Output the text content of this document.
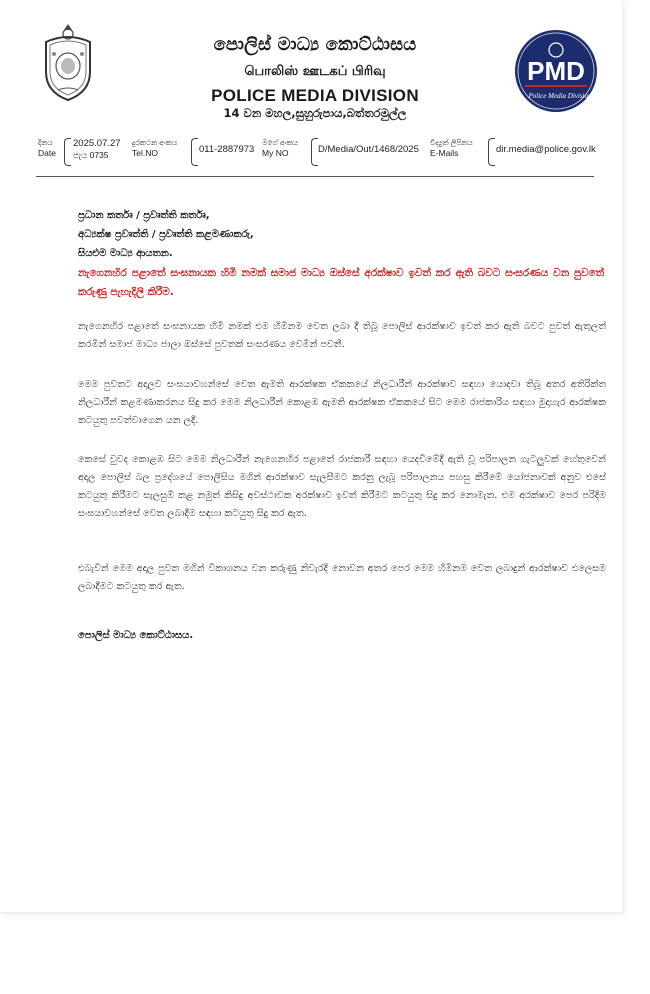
පොලිස් මාධ්‍ය කොට්ඨාසය
பொலிஸ் ஊடகப் பிரிவு
POLICE MEDIA DIVISION
14 වන මහල,සුහුරුපාය,බත්තරමුල්ල
PMD
Police Media Division
දිනය
Date
2025.07.27
පැය 0735
දුරකථන අංකය
Tel.NO	011-2887973
මගේ අංකය
My NO	D/Media/Out/1468/2025
විද්‍යුත් ලිපිනය
E-Mails	dir.media@police.gov.lk
ප්‍රධාන කර්තෘ / ප්‍රවෘත්ති කර්තෘ,
අධ්‍යක්ෂ ප්‍රවෘත්ති / ප්‍රවෘත්ති කළමණාකරු,
සියළුම මාධ්‍ය ආයතන.
නැගෙනහිර පළාතේ සංඝනායක හිමි නමක් සමාජ මාධ්‍ය ඔස්සේ අරක්ෂාව ඉවත් කර ඇති බවට සංසරණය වන පුවතේ කරුණු පැහැදිලි කිරීම.
නැගෙනහිර පළාතේ සංඝනායක හිමි නමක් එම හිමිනම වෙත ලබා දී තිබූ පොලිස් ආරක්ෂාව ඉවත් කර ඇති බවට පුවත් ඇතුලත් කරමින් සමාජ මාධ්‍ය ජාලා ඔස්සේ පුවතක් සංසරණය වෙමින් පවතී.
මෙම පුවතට අදාලව සංඝයාවහන්සේ වෙත ඇමති ආරක්ෂක ඒකකයේ නිලධාරීන් ආරක්ෂාව සඳහා යොදවා තිබූ අතර අතිරික්ත නිලධාරීන් කළමණාකරනය සිදු කර මෙම නිලධාරීන් කොළඹ ඇමති ආරක්ෂක ඒකකයේ සිට මෙම රාජකාරිය සඳහා මුදාහැර ආරක්ෂක කටයුතු පවත්වාගෙන යන ලදී.
කෙසේ වුවද කොළඹ සිට මෙම නිලධාරීන් නැගෙනහිර පළාතේ රාජකාරී සඳහා යෙදවීමේදී ඇති වූ පරිපාලන ගැටලුවක් හේතුවෙන් අදාල පොලිස් බල ප්‍රදේශයේ පොලිසිය මගින් ආරක්ෂාව සැලසීමට කරනු ලැබූ පරිපාලනය පහසු කිරීමේ යෝජනාවක් අනුව එසේ කටයුතු කිරීමට සැලසුම් කළ නමුත් කිසිදු අවස්ථාවක අරක්ෂාව ඉවත් කිරීමට කටයුතු සිදු කර නොමැත. එම අරක්ෂාව පෙර පරිදිම සංඝයාවහන්සේ වෙත ලබාදීම සඳහා කටයුතු සිදු කර ඇත.
එබැවින් මෙම අදාල පුවත මගින් විකාශනය වන කරුණු නිවැරදි නොවන අතර පෙර මෙම හිමිනම වෙත ලබාදුන් ආරක්ෂාව එලෙසම ලබාදීමට කටයුතු කර ඇත.
පොලිස් මාධ්‍ය කොට්ඨාසය.
